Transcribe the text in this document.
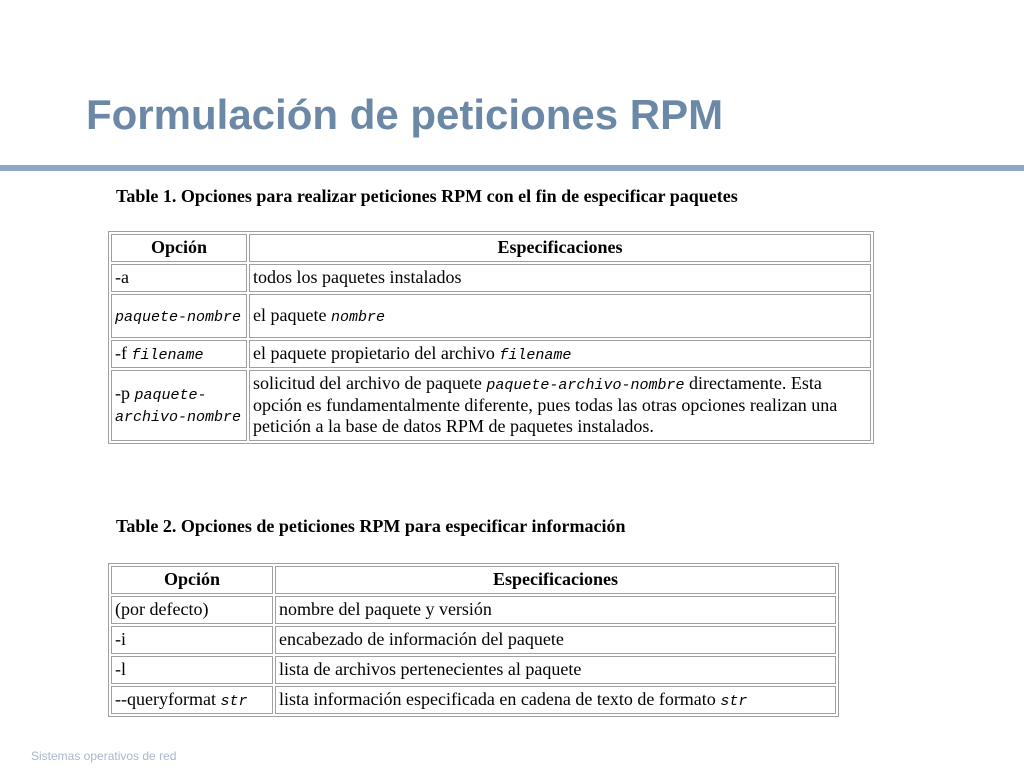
Formulación de peticiones RPM
Table 1. Opciones para realizar peticiones RPM con el fin de especificar paquetes
Opción	Especificaciones
-a	todos los paquetes instalados
paquete-nombre	el paquete nombre
-f filename	el paquete propietario del archivo filename
-p paquete-archivo-nombre	solicitud del archivo de paquete paquete-archivo-nombre directamente. Esta opción es fundamentalmente diferente, pues todas las otras opciones realizan una petición a la base de datos RPM de paquetes instalados.
Table 2. Opciones de peticiones RPM para especificar información
Opción	Especificaciones
(por defecto)	nombre del paquete y versión
-i	encabezado de información del paquete
-l	lista de archivos pertenecientes al paquete
--queryformat str	lista información especificada en cadena de texto de formato str
Sistemas operativos de red
